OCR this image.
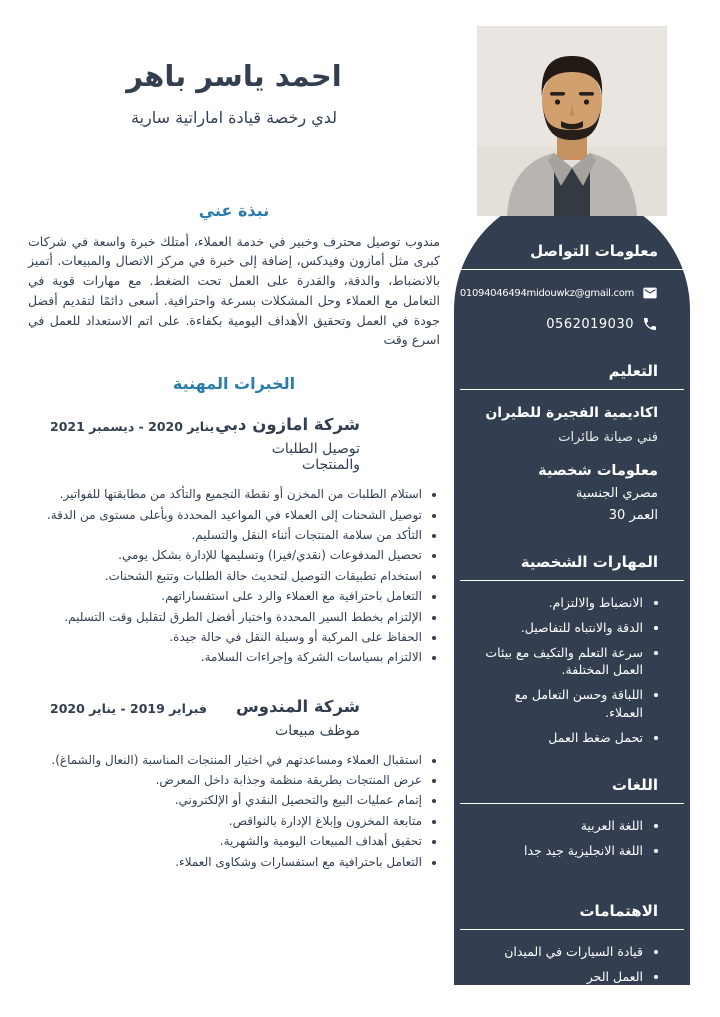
احمد ياسر باهر

لدي رخصة قيادة اماراتية سارية

نبذة عني

مندوب توصيل محترف وخبير في خدمة العملاء، أمتلك خبرة واسعة في شركات كبرى مثل أمازون وفيدكس، إضافة إلى خبرة في مركز الاتصال والمبيعات. أتميز بالانضباط، والدقة، والقدرة على العمل تحت الضغط. مع مهارات قوية في التعامل مع العملاء وحل المشكلات بسرعة واحترافية. أسعى دائمًا لتقديم أفضل جودة في العمل وتحقيق الأهداف اليومية بكفاءة. على اتم الاستعداد للعمل في اسرع وقت

الخبرات المهنية
شركة امازون دبي
توصيل الطلبات والمنتجات
يناير 2020 - ديسمبر 2021
• استلام الطلبات من المخزن أو نقطة التجميع والتأكد من مطابقتها للفواتير.
• توصيل الشحنات إلى العملاء في المواعيد المحددة وبأعلى مستوى من الدقة.
• التأكد من سلامة المنتجات أثناء النقل والتسليم.
• تحصيل المدفوعات (نقدي/فيزا) وتسليمها للإدارة بشكل يومي.
• استخدام تطبيقات التوصيل لتحديث حالة الطلبات وتتبع الشحنات.
• التعامل باحترافية مع العملاء والرد على استفساراتهم.
• الإلتزام بخطط السير المحددة واختيار أفضل الطرق لتقليل وقت التسليم.
• الحفاظ على المركبة أو وسيلة النقل في حالة جيدة.
• الالتزام بسياسات الشركة وإجراءات السلامة.
شركة المندوس
موظف مبيعات
فبراير 2019 - يناير 2020
• استقبال العملاء ومساعدتهم في اختيار المنتجات المناسبة (النعال والشماغ).
• عرض المنتجات بطريقة منظمة وجذابة داخل المعرض.
• إتمام عمليات البيع والتحصيل النقدي أو الإلكتروني.
• متابعة المخزون وإبلاغ الإدارة بالنواقص.
• تحقيق أهداف المبيعات اليومية والشهرية.
• التعامل باحترافية مع استفسارات وشكاوى العملاء.
معلومات التواصل
01094046494midouwkz@gmail.com
0562019030
التعليم
اكاديمية الفجيرة للطيران
فني صيانة طائرات
معلومات شخصية
مصري الجنسية
العمر 30
المهارات الشخصية
• الانضباط والالتزام.
• الدقة والانتباه للتفاصيل.
• سرعة التعلم والتكيف مع بيئات العمل المختلفة.
• اللباقة وحسن التعامل مع العملاء.
• تحمل ضغط العمل
اللغات
• اللغة العربية
• اللغة الانجليزية جيد جدا
الاهتمامات
• قيادة السيارات في الميدان
• العمل الحر
• العمل لدي الشركات الكبري
